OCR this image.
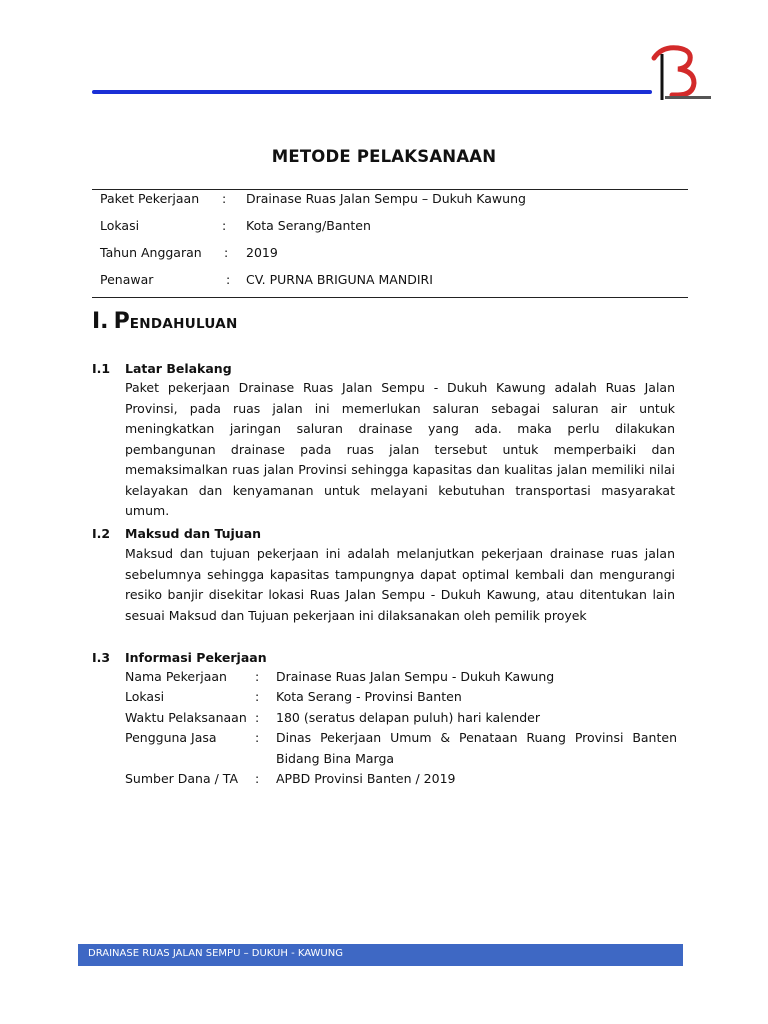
METODE PELAKSANAAN
Paket Pekerjaan : Drainase Ruas Jalan Sempu – Dukuh Kawung
Lokasi	: Kota Serang/Banten
Tahun Anggaran : 2019
Penawar	: CV. PURNA BRIGUNA MANDIRI
I. PENDAHULUAN
I.1 Latar Belakang

Paket pekerjaan Drainase Ruas Jalan Sempu - Dukuh Kawung adalah Ruas Jalan Provinsi, pada ruas jalan ini memerlukan saluran sebagai saluran air untuk meningkatkan jaringan saluran drainase yang ada. maka perlu dilakukan pembangunan drainase pada ruas jalan tersebut untuk memperbaiki dan memaksimalkan ruas jalan Provinsi sehingga kapasitas dan kualitas jalan memiliki nilai kelayakan dan kenyamanan untuk melayani kebutuhan transportasi masyarakat umum.

I.2 Maksud dan Tujuan

Maksud dan tujuan pekerjaan ini adalah melanjutkan pekerjaan drainase ruas jalan sebelumnya sehingga kapasitas tampungnya dapat optimal kembali dan mengurangi resiko banjir disekitar lokasi Ruas Jalan Sempu - Dukuh Kawung, atau ditentukan lain sesuai Maksud dan Tujuan pekerjaan ini dilaksanakan oleh pemilik proyek

I.3 Informasi Pekerjaan
Nama Pekerjaan : Drainase Ruas Jalan Sempu - Dukuh Kawung
Lokasi	: Kota Serang - Provinsi Banten
Waktu Pelaksanaan : 180 (seratus delapan puluh) hari kalender
Pengguna Jasa	: Dinas Pekerjaan Umum & Penataan Ruang Provinsi Banten Bidang Bina Marga
Sumber Dana / TA : APBD Provinsi Banten / 2019
DRAINASE RUAS JALAN SEMPU – DUKUH - KAWUNG
